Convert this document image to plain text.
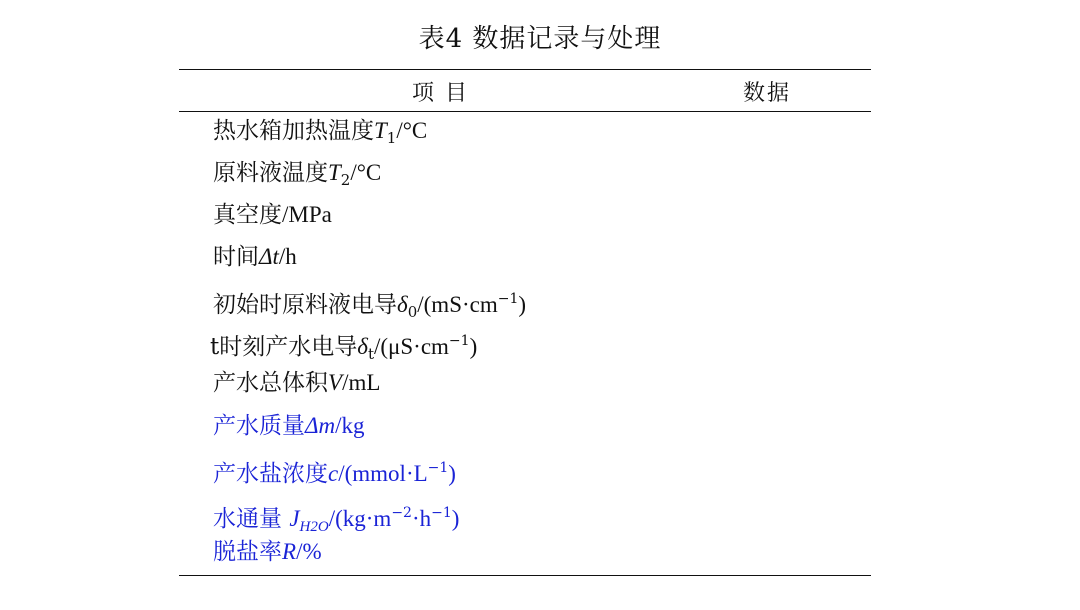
表4 数据记录与处理
项 目	数据
热水箱加热温度$T_1/^\circ C$
原料液温度$T_2/^\circ C$
真空度/MPa
时间Δt/h
初始时原料液电导$\delta_0/(mS\cdot cm^{-1})$
t时刻产水电导$\delta_t/(\mu S\cdot cm^{-1})$
产水总体积V/mL
产水质量Δm/kg
产水盐浓度$c/(mmol\cdot L^{-1})$
水通量 $J_{H2O}/(kg\cdot m^{-2}\cdot h^{-1})$
脱盐率R/%
